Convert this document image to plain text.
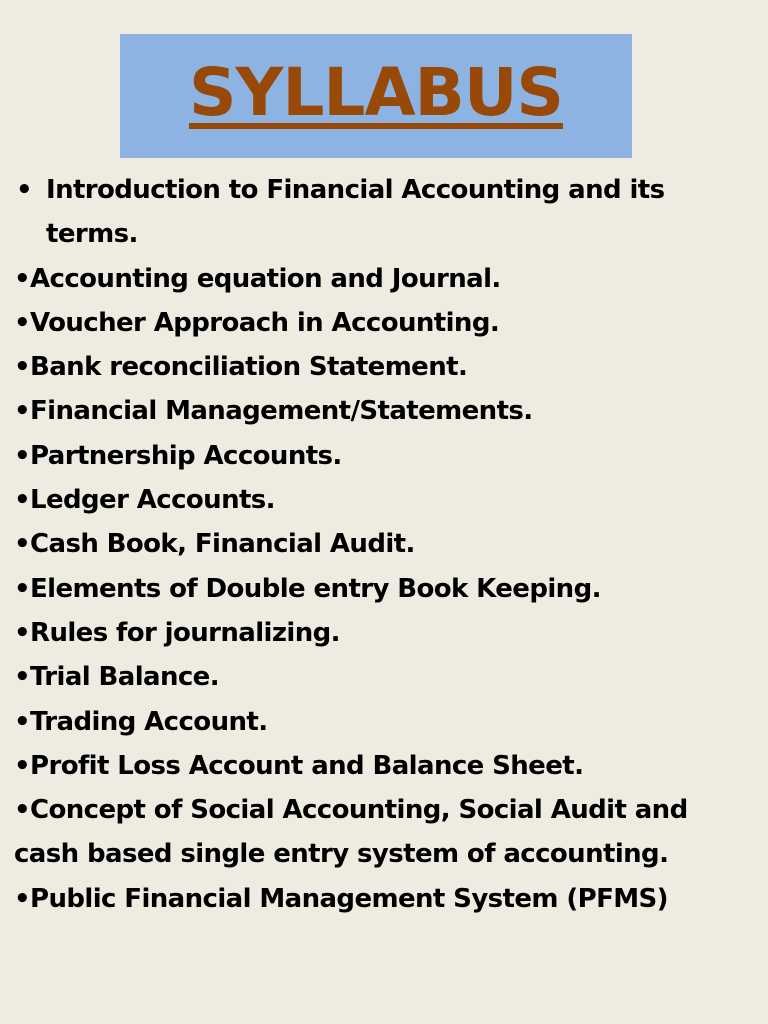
SYLLABUS
• Introduction to Financial Accounting and its terms.
•Accounting equation and Journal.
•Voucher Approach in Accounting.
•Bank reconciliation Statement.
•Financial Management/Statements.
•Partnership Accounts.
•Ledger Accounts.
•Cash Book, Financial Audit.
•Elements of Double entry Book Keeping.
•Rules for journalizing.
•Trial Balance.
•Trading Account.
•Profit Loss Account and Balance Sheet.
•Concept of Social Accounting, Social Audit and
cash based single entry system of accounting.
•Public Financial Management System (PFMS)
